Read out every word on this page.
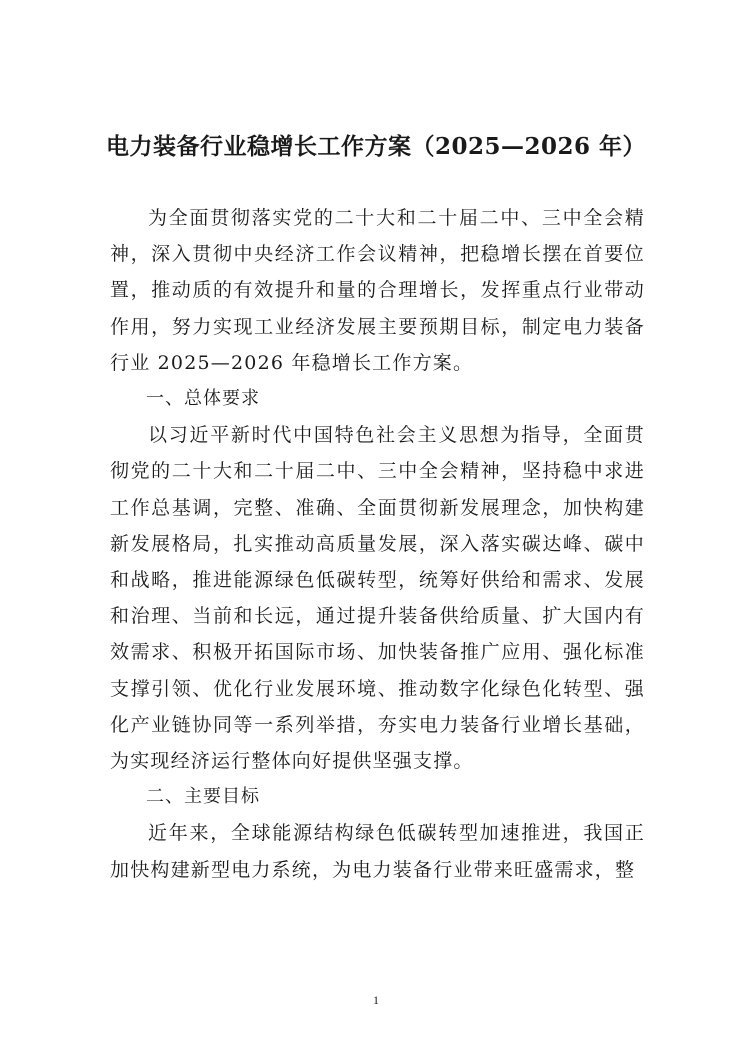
电力装备行业稳增长工作方案（2025—2026 年）

为全面贯彻落实党的二十大和二十届二中、三中全会精神，深入贯彻中央经济工作会议精神，把稳增长摆在首要位置，推动质的有效提升和量的合理增长，发挥重点行业带动作用，努力实现工业经济发展主要预期目标，制定电力装备行业 2025—2026 年稳增长工作方案。

一、总体要求

以习近平新时代中国特色社会主义思想为指导，全面贯彻党的二十大和二十届二中、三中全会精神，坚持稳中求进工作总基调，完整、准确、全面贯彻新发展理念，加快构建新发展格局，扎实推动高质量发展，深入落实碳达峰、碳中和战略，推进能源绿色低碳转型，统筹好供给和需求、发展和治理、当前和长远，通过提升装备供给质量、扩大国内有效需求、积极开拓国际市场、加快装备推广应用、强化标准支撑引领、优化行业发展环境、推动数字化绿色化转型、强化产业链协同等一系列举措，夯实电力装备行业增长基础，为实现经济运行整体向好提供坚强支撑。

二、主要目标

近年来，全球能源结构绿色低碳转型加速推进，我国正加快构建新型电力系统，为电力装备行业带来旺盛需求，整

1
